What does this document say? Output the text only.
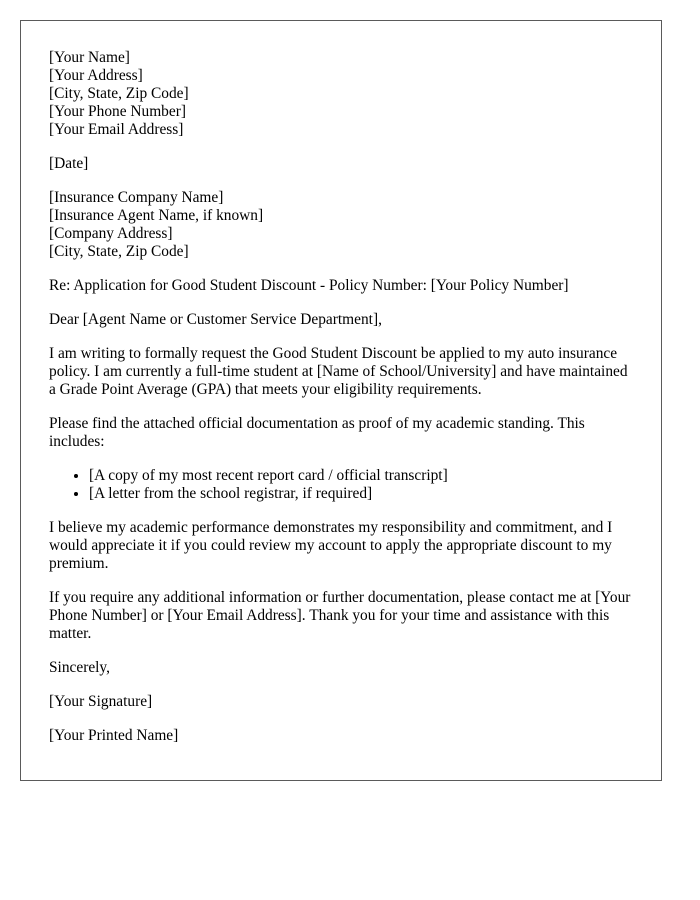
[Your Name]
[Your Address]
[City, State, Zip Code]
[Your Phone Number]
[Your Email Address]
[Date]
[Insurance Company Name]
[Insurance Agent Name, if known]
[Company Address]
[City, State, Zip Code]

Re: Application for Good Student Discount - Policy Number: [Your Policy Number]

Dear [Agent Name or Customer Service Department],

I am writing to formally request the Good Student Discount be applied to my auto insurance policy. I am currently a full-time student at [Name of School/University] and have maintained a Grade Point Average (GPA) that meets your eligibility requirements.

Please find the attached official documentation as proof of my academic standing. This includes:

• [A copy of my most recent report card / official transcript]
• [A letter from the school registrar, if required]

I believe my academic performance demonstrates my responsibility and commitment, and I would appreciate it if you could review my account to apply the appropriate discount to my premium.

If you require any additional information or further documentation, please contact me at [Your Phone Number] or [Your Email Address]. Thank you for your time and assistance with this matter.

Sincerely,

[Your Signature]

[Your Printed Name]
